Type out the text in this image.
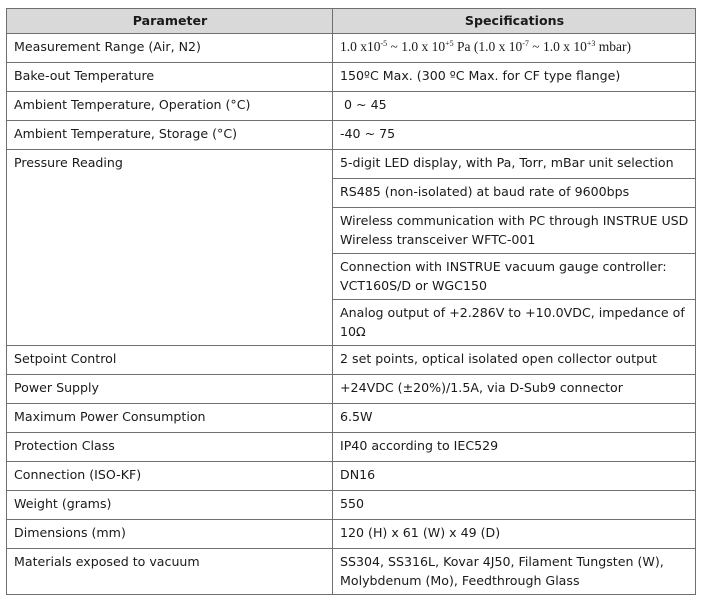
Parameter	Specifications
Measurement Range (Air, N2)	1.0 $x10^{-5}$ ~ 1.0 x $10^{+5}$ Pa (1.0 x $10^{-7}$ ~ 1.0 x $10^{+3}$ mbar)
Bake-out Temperature	150ºC Max. (300 ºC Max. for CF type flange)
Ambient Temperature, Operation (°C)	0 ~ 45
Ambient Temperature, Storage (°C)	-40 ~ 75
Pressure Reading	5-digit LED display, with Pa, Torr, mBar unit selection
	RS485 (non-isolated) at baud rate of 9600bps
	Wireless communication with PC through INSTRUE USD Wireless transceiver WFTC-001
	Connection with INSTRUE vacuum gauge controller: VCT160S/D or WGC150
	Analog output of +2.286V to +10.0VDC, impedance of 10Ω
Setpoint Control	2 set points, optical isolated open collector output
Power Supply	+24VDC (±20%)/1.5A, via D-Sub9 connector
Maximum Power Consumption	6.5W
Protection Class	IP40 according to IEC529
Connection (ISO-KF)	DN16
Weight (grams)	550
Dimensions (mm)	120 (H) x 61 (W) x 49 (D)
Materials exposed to vacuum	SS304, SS316L, Kovar 4J50, Filament Tungsten (W), Molybdenum (Mo), Feedthrough Glass
